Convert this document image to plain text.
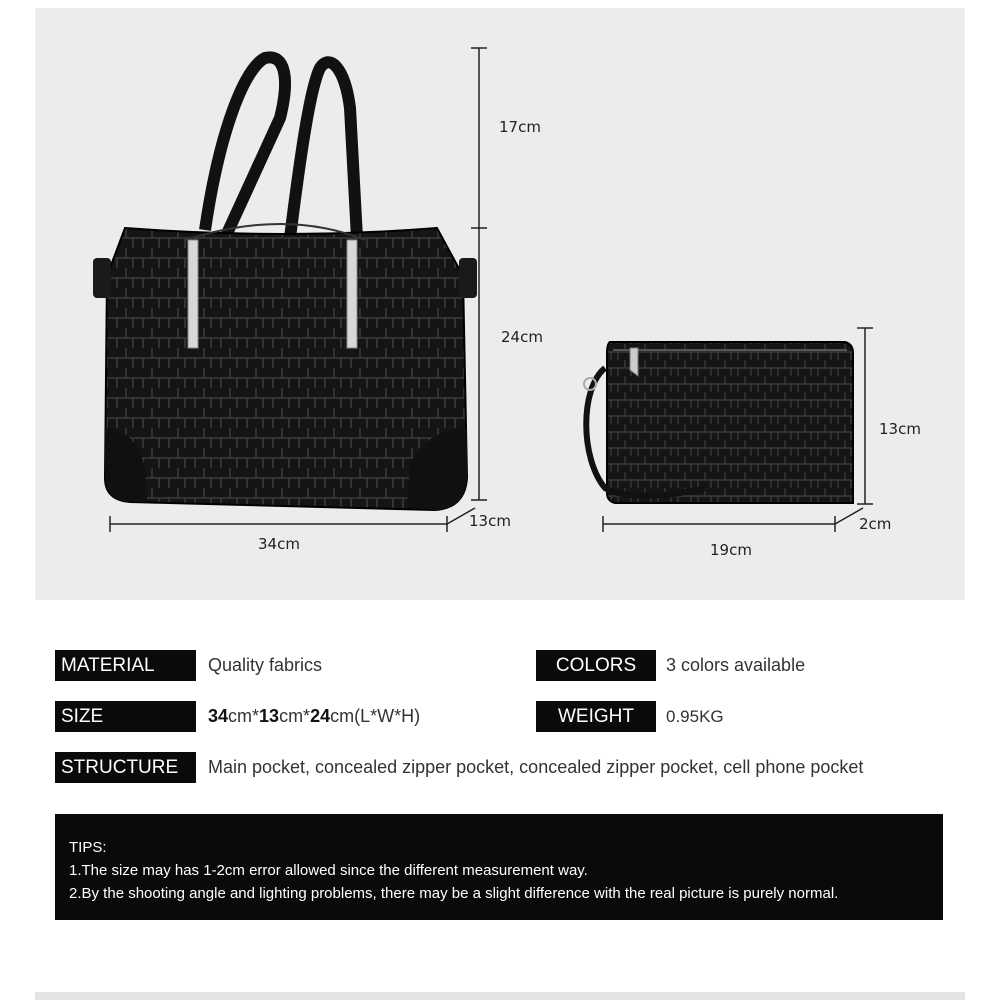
17cm
24cm
34cm
13cm
13cm
19cm
2cm
MATERIAL	Quality fabrics	COLORS	3 colors available
SIZE	34cm*13cm*24cm(L*W*H)	WEIGHT	0.95KG
STRUCTURE	Main pocket, concealed zipper pocket, concealed zipper pocket, cell phone pocket
TIPS:
1.The size may has 1-2cm error allowed since the different measurement way.
2.By the shooting angle and lighting problems, there may be a slight difference with the real picture is purely normal.
